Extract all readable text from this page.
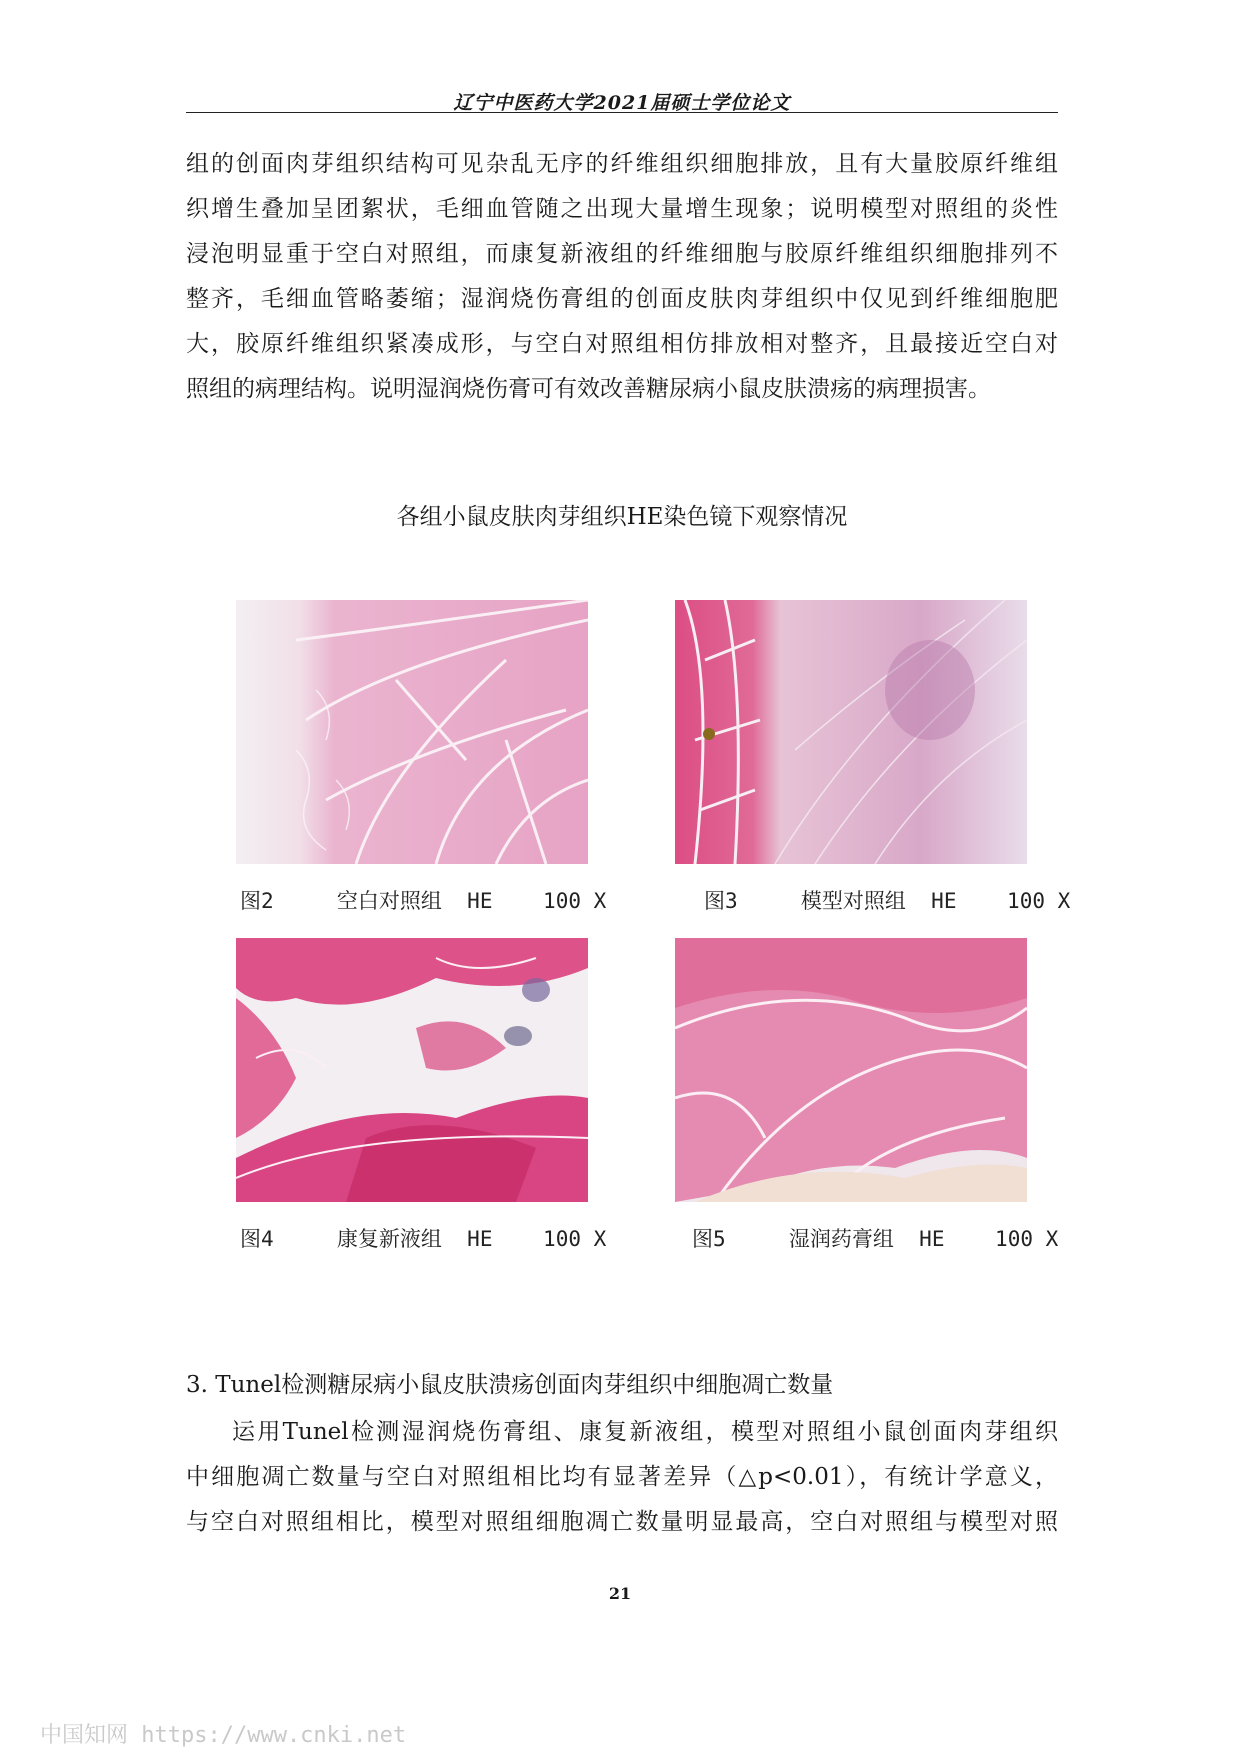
辽宁中医药大学2021届硕士学位论文
组的创面肉芽组织结构可见杂乱无序的纤维组织细胞排放，且有大量胶原纤维组
织增生叠加呈团絮状，毛细血管随之出现大量增生现象；说明模型对照组的炎性
浸泡明显重于空白对照组，而康复新液组的纤维细胞与胶原纤维组织细胞排列不
整齐，毛细血管略萎缩；湿润烧伤膏组的创面皮肤肉芽组织中仅见到纤维细胞肥
大，胶原纤维组织紧凑成形，与空白对照组相仿排放相对整齐，且最接近空白对
照组的病理结构。说明湿润烧伤膏可有效改善糖尿病小鼠皮肤溃疡的病理损害。
各组小鼠皮肤肉芽组织HE染色镜下观察情况
图2	空白对照组 HE 100 X	图3	模型对照组 HE 100 X
图4	康复新液组 HE 100 X	图5	湿润药膏组 HE 100 X
3. Tunel检测糖尿病小鼠皮肤溃疡创面肉芽组织中细胞凋亡数量
运用Tunel检测湿润烧伤膏组、康复新液组，模型对照组小鼠创面肉芽组织
中细胞凋亡数量与空白对照组相比均有显著差异（△p<0.01），有统计学意义，
与空白对照组相比，模型对照组细胞凋亡数量明显最高，空白对照组与模型对照
21
中国知网 https://www.cnki.net
